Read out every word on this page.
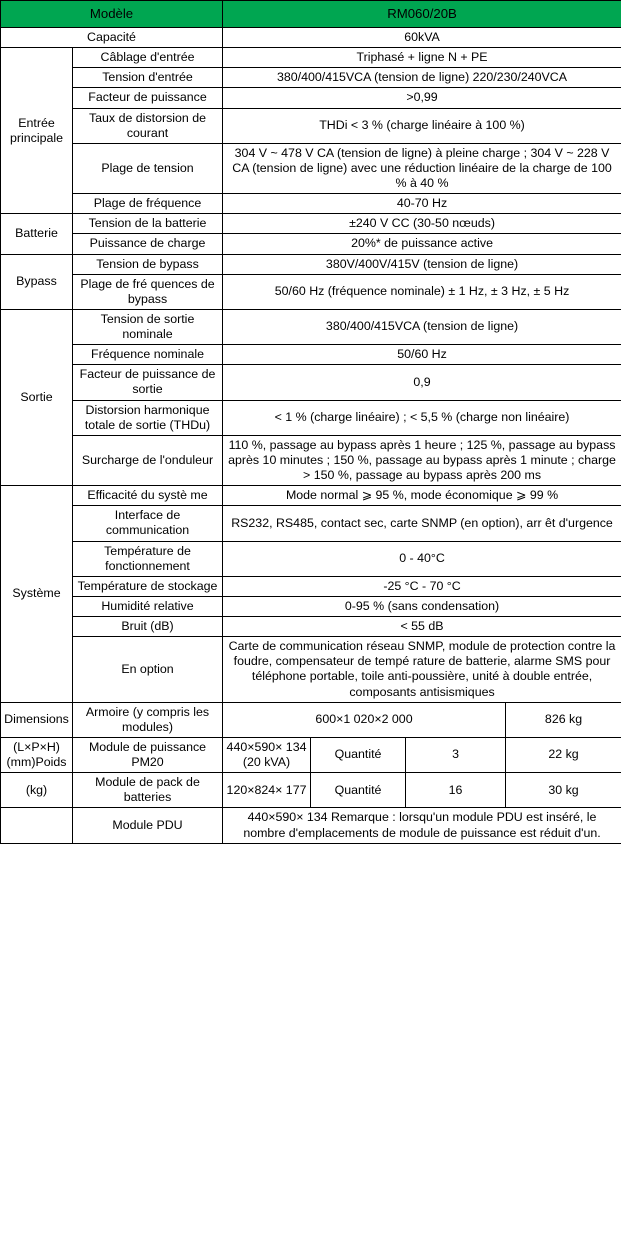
Modèle		RM060/20B			
Capacité		60kVA			
Entrée principale	Câblage d'entrée	Triphasé + ligne N + PE			
	Tension d'entrée	380/400/415VCA (tension de ligne) 220/230/240VCA			
	Facteur de puissance	>0,99			
	Taux de distorsion de courant	THDi < 3 % (charge linéaire à 100 %)			
	Plage de tension	304 V ~ 478 V CA (tension de ligne) à pleine charge ; 304 V ~ 228 V CA (tension de ligne) avec une réduction linéaire de la charge de 100 % à 40 %			
	Plage de fréquence	40-70 Hz			
Batterie	Tension de la batterie	±240 V CC (30-50 nœuds)			
	Puissance de charge	20%* de puissance active			
Bypass	Tension de bypass	380V/400V/415V (tension de ligne)			
	Plage de fré quences de bypass	50/60 Hz (fréquence nominale) ± 1 Hz, ± 3 Hz, ± 5 Hz			
Sortie	Tension de sortie nominale	380/400/415VCA (tension de ligne)			
	Fréquence nominale	50/60 Hz			
	Facteur de puissance de sortie	0,9			
	Distorsion harmonique totale de sortie (THDu)	< 1 % (charge linéaire) ; < 5,5 % (charge non linéaire)			
	Surcharge de l'onduleur	110 %, passage au bypass après 1 heure ; 125 %, passage au bypass après 10 minutes ; 150 %, passage au bypass après 1 minute ; charge > 150 %, passage au bypass après 200 ms			
Système	Efficacité du systè me	Mode normal ⩾ 95 %, mode économique ⩾ 99 %			
	Interface de communication	RS232, RS485, contact sec, carte SNMP (en option), arr êt d'urgence			
	Température de fonctionnement	0 - 40°C			
	Température de stockage	-25 °C - 70 °C			
	Humidité relative	0-95 % (sans condensation)			
	Bruit (dB)	< 55 dB			
	En option	Carte de communication réseau SNMP, module de protection contre la foudre, compensateur de tempé rature de batterie, alarme SMS pour téléphone portable, toile anti-poussière, unité à double entrée, composants antisismiques			
Dimensions	Armoire (y compris les modules)	600×1 020×2 000			826 kg
(L×P×H)(mm)Poids	Module de puissance PM20	440×590× 134 (20 kVA)	Quantité	3	22 kg
(kg)	Module de pack de batteries	120×824× 177	Quantité	16	30 kg
	Module PDU	440×590× 134 Remarque : lorsqu'un module PDU est inséré, le nombre d'emplacements de module de puissance est réduit d'un.			
